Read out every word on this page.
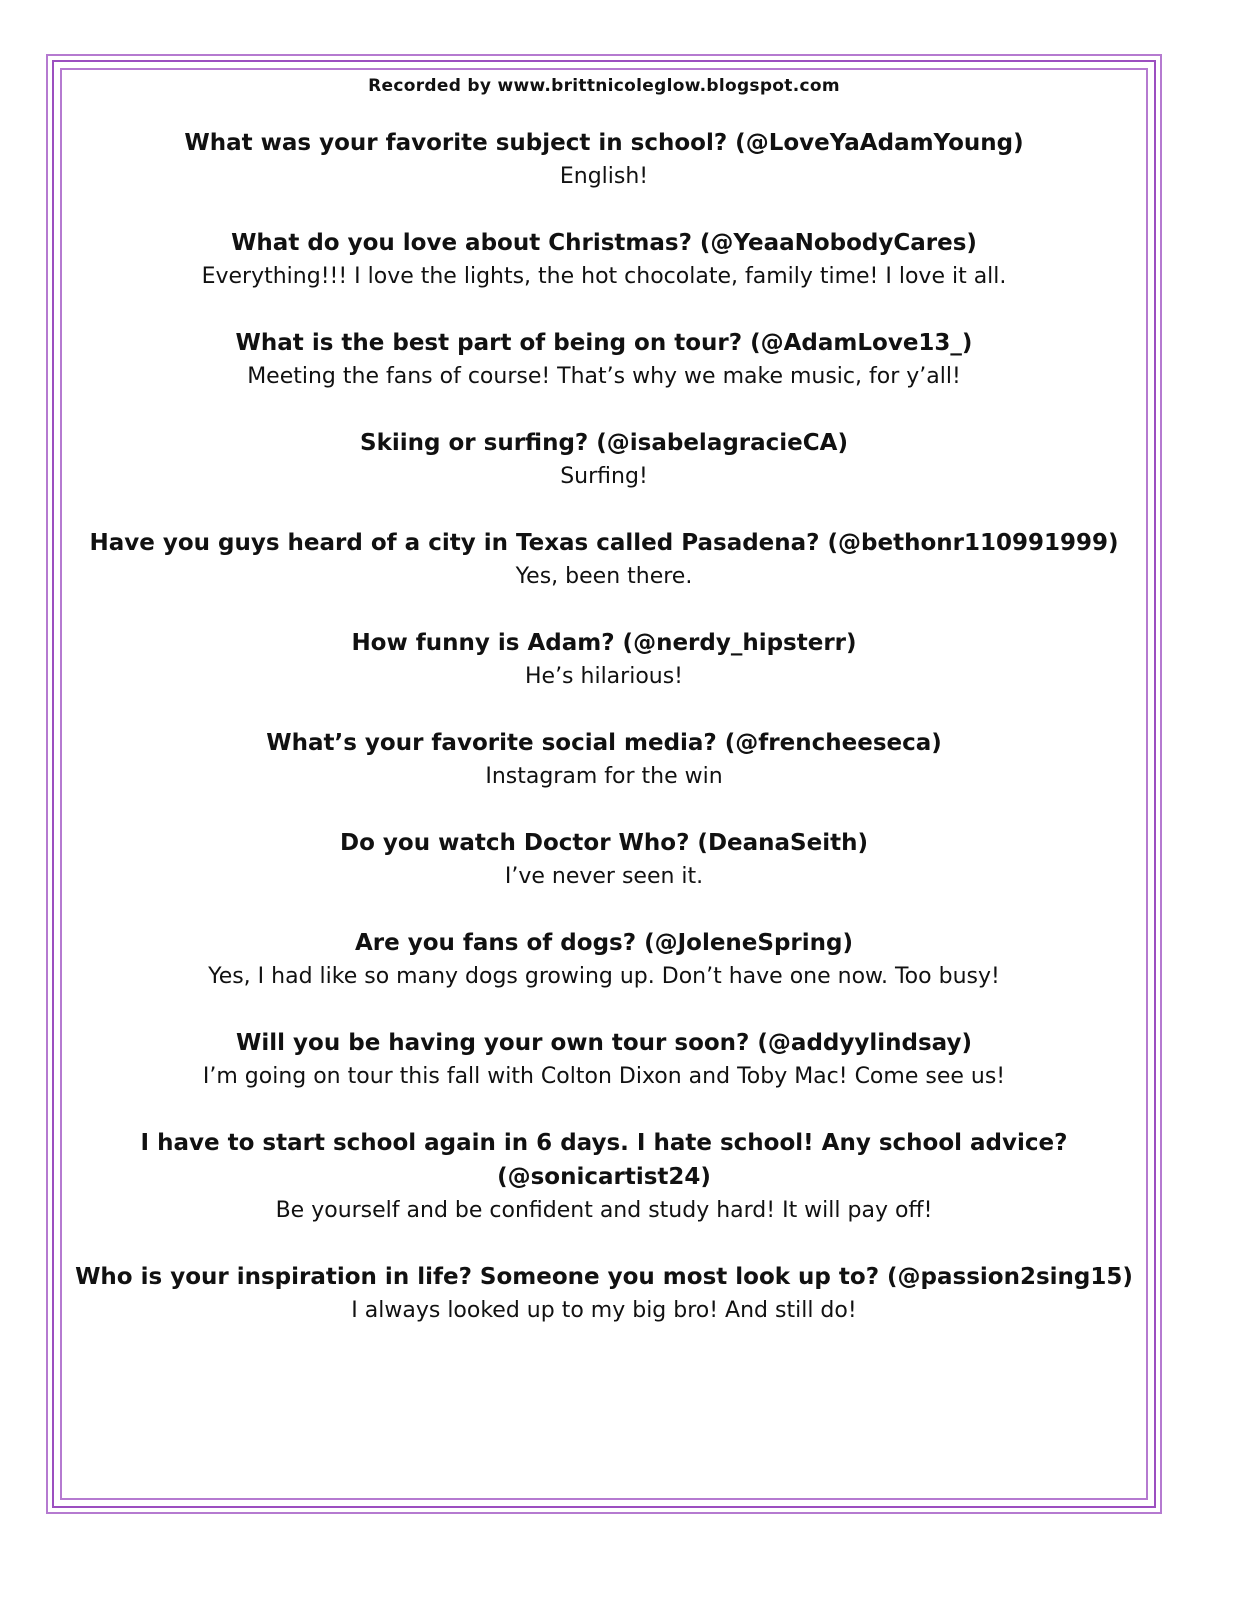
Recorded by www.brittnicoleglow.blogspot.com
What was your favorite subject in school? (@LoveYaAdamYoung)
English!
What do you love about Christmas? (@YeaaNobodyCares)
Everything!!! I love the lights, the hot chocolate, family time! I love it all.
What is the best part of being on tour? (@AdamLove13_)
Meeting the fans of course! That’s why we make music, for y’all!
Skiing or surfing? (@isabelagracieCA)
Surfing!
Have you guys heard of a city in Texas called Pasadena? (@bethonr110991999)
Yes, been there.
How funny is Adam? (@nerdy_hipsterr)
He’s hilarious!
What’s your favorite social media? (@frencheeseca)
Instagram for the win
Do you watch Doctor Who? (DeanaSeith)
I’ve never seen it.
Are you fans of dogs? (@JoleneSpring)
Yes, I had like so many dogs growing up. Don’t have one now. Too busy!
Will you be having your own tour soon? (@addyylindsay)
I’m going on tour this fall with Colton Dixon and Toby Mac! Come see us!
I have to start school again in 6 days. I hate school! Any school advice? (@sonicartist24)
Be yourself and be confident and study hard! It will pay off!
Who is your inspiration in life? Someone you most look up to? (@passion2sing15)
I always looked up to my big bro! And still do!
